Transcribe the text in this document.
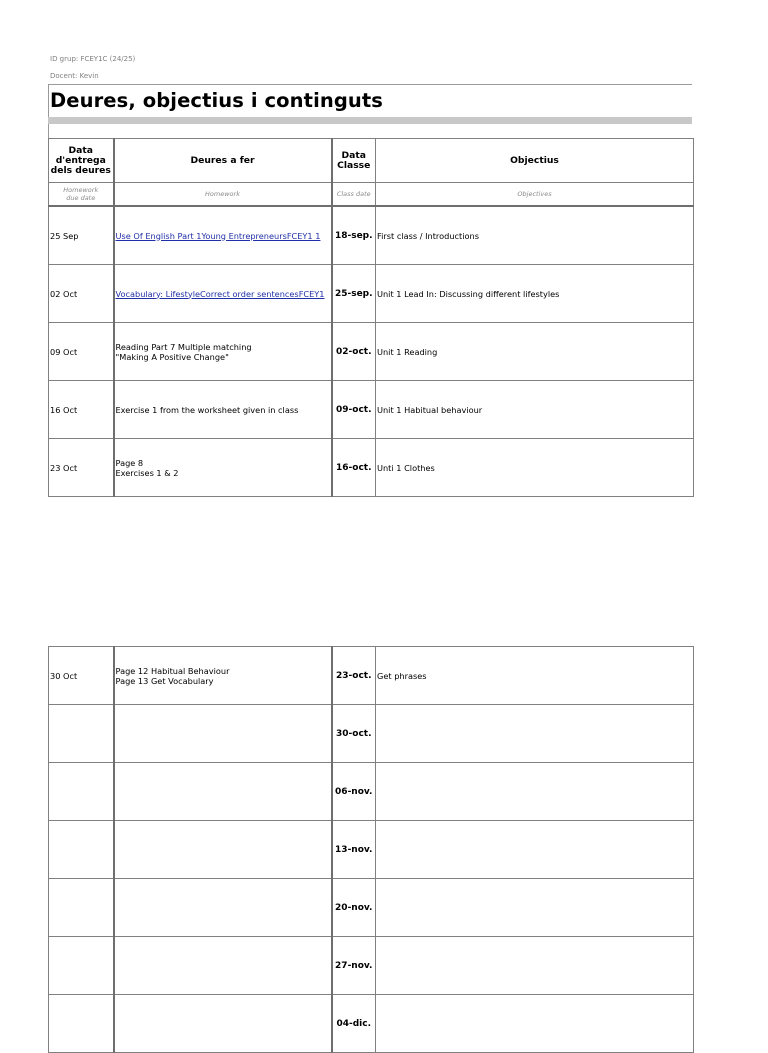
ID grup: FCEY1C (24/25)
Docent: Kevin
Deures, objectius i continguts
Data
d'entrega
dels deures	Deures a fer	Data
Classe	Objectius

Homework
due date	Homework	Class date	Objectives
25 Sep	Use Of English Part 1Young EntrepreneursFCEY1 1	18-sep.	First class / Introductions
02 Oct	Vocabulary: LifestyleCorrect order sentencesFCEY1	25-sep.	Unit 1 Lead In: Discussing different lifestyles
09 Oct	Reading Part 7 Multiple matching
"Making A Positive Change"	02-oct.	Unit 1 Reading
16 Oct	Exercise 1 from the worksheet given in class	09-oct.	Unit 1 Habitual behaviour
23 Oct	Page 8
Exercises 1 & 2	16-oct.	Unti 1 Clothes
30 Oct	Page 12 Habitual Behaviour
Page 13 Get Vocabulary	23-oct.	Get phrases
		30-oct.	
		06-nov.	
		13-nov.	
		20-nov.	
		27-nov.	
		04-dic.	
